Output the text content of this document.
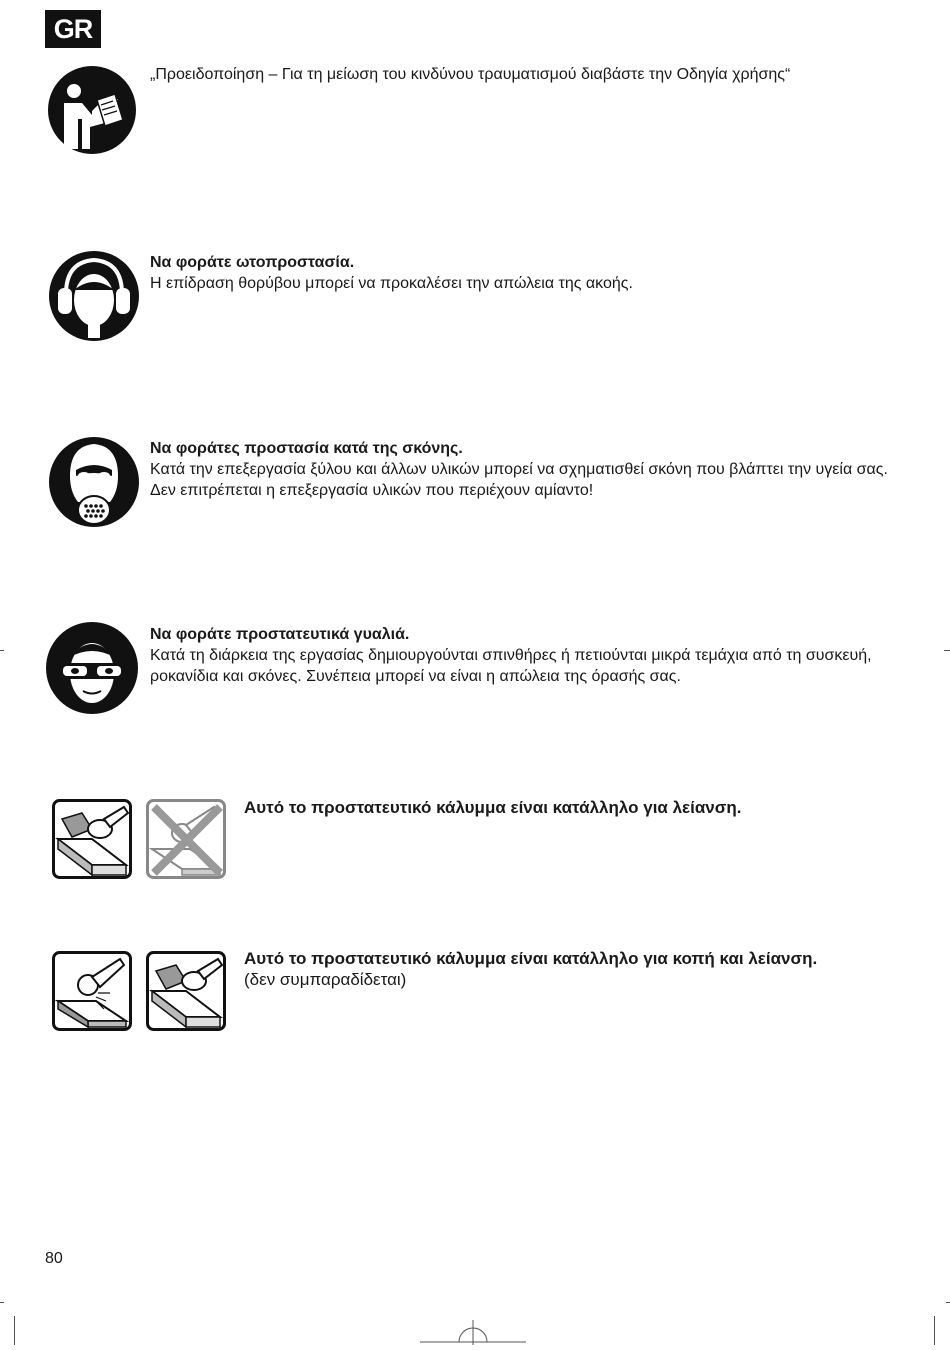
GR
„Προειδοποίηση – Για τη μείωση του κινδύνου τραυματισμού διαβάστε την Οδηγία χρήσης“
Να φοράτε ωτοπροστασία.
Η επίδραση θορύβου μπορεί να προκαλέσει την απώλεια της ακοής.
Να φοράτες προστασία κατά της σκόνης.
Κατά την επεξεργασία ξύλου και άλλων υλικών μπορεί να σχηματισθεί σκόνη που βλάπτει την υγεία σας. Δεν επιτρέπεται η επεξεργασία υλικών που περιέχουν αμίαντο!
Να φοράτε προστατευτικά γυαλιά.
Κατά τη διάρκεια της εργασίας δημιουργούνται σπινθήρες ή πετιούνται μικρά τεμάχια από τη συσκευή, ροκανίδια και σκόνες. Συνέπεια μπορεί να είναι η απώλεια της όρασής σας.
Αυτό το προστατευτικό κάλυμμα είναι κατάλληλο για λείανση.
Αυτό το προστατευτικό κάλυμμα είναι κατάλληλο για κοπή και λείανση.
(δεν συμπαραδίδεται)
80
